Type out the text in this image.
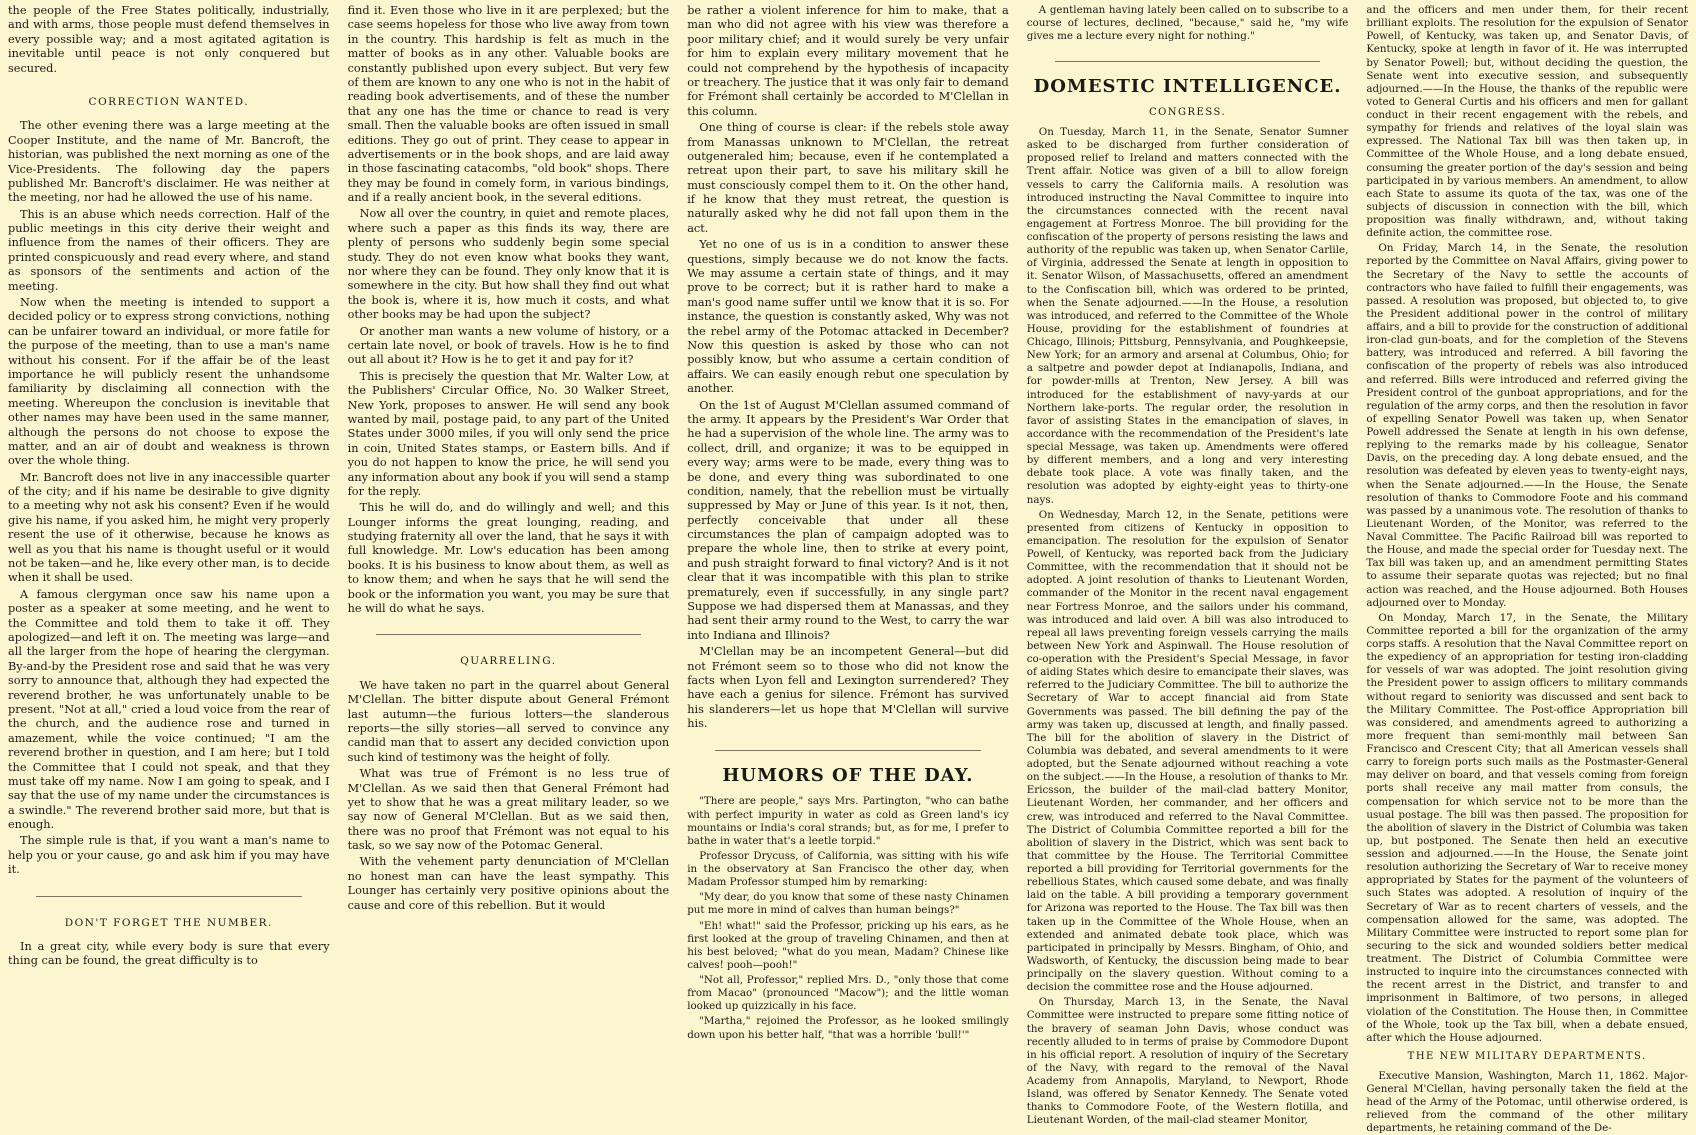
the people of the Free States politically, industrially, and with arms, those people must defend themselves in every possible way; and a most agitated agitation is inevitable until peace is not only conquered but secured.

CORRECTION WANTED.

The other evening there was a large meeting at the Cooper Institute, and the name of Mr. Bancroft, the historian, was published the next morning as one of the Vice-Presidents. The following day the papers published Mr. Bancroft's disclaimer. He was neither at the meeting, nor had he allowed the use of his name.

This is an abuse which needs correction. Half of the public meetings in this city derive their weight and influence from the names of their officers. They are printed conspicuously and read every where, and stand as sponsors of the sentiments and action of the meeting.

Now when the meeting is intended to support a decided policy or to express strong convictions, nothing can be unfairer toward an individual, or more fatile for the purpose of the meeting, than to use a man's name without his consent. For if the affair be of the least importance he will publicly resent the unhandsome familiarity by disclaiming all connection with the meeting. Whereupon the conclusion is inevitable that other names may have been used in the same manner, although the persons do not choose to expose the matter, and an air of doubt and weakness is thrown over the whole thing.

Mr. Bancroft does not live in any inaccessible quarter of the city; and if his name be desirable to give dignity to a meeting why not ask his consent? Even if he would give his name, if you asked him, he might very properly resent the use of it otherwise, because he knows as well as you that his name is thought useful or it would not be taken—and he, like every other man, is to decide when it shall be used.

A famous clergyman once saw his name upon a poster as a speaker at some meeting, and he went to the Committee and told them to take it off. They apologized—and left it on. The meeting was large—and all the larger from the hope of hearing the clergyman. By-and-by the President rose and said that he was very sorry to announce that, although they had expected the reverend brother, he was unfortunately unable to be present. "Not at all," cried a loud voice from the rear of the church, and the audience rose and turned in amazement, while the voice continued; "I am the reverend brother in question, and I am here; but I told the Committee that I could not speak, and that they must take off my name. Now I am going to speak, and I say that the use of my name under the circumstances is a swindle." The reverend brother said more, but that is enough.

The simple rule is that, if you want a man's name to help you or your cause, go and ask him if you may have it.

DON'T FORGET THE NUMBER.

In a great city, while every body is sure that every thing can be found, the great difficulty is to

find it. Even those who live in it are perplexed; but the case seems hopeless for those who live away from town in the country. This hardship is felt as much in the matter of books as in any other. Valuable books are constantly published upon every subject. But very few of them are known to any one who is not in the habit of reading book advertisements, and of these the number that any one has the time or chance to read is very small. Then the valuable books are often issued in small editions. They go out of print. They cease to appear in advertisements or in the book shops, and are laid away in those fascinating catacombs, "old book" shops. There they may be found in comely form, in various bindings, and if a really ancient book, in the several editions.

Now all over the country, in quiet and remote places, where such a paper as this finds its way, there are plenty of persons who suddenly begin some special study. They do not even know what books they want, nor where they can be found. They only know that it is somewhere in the city. But how shall they find out what the book is, where it is, how much it costs, and what other books may be had upon the subject?

Or another man wants a new volume of history, or a certain late novel, or book of travels. How is he to find out all about it? How is he to get it and pay for it?

This is precisely the question that Mr. Walter Low, at the Publishers' Circular Office, No. 30 Walker Street, New York, proposes to answer. He will send any book wanted by mail, postage paid, to any part of the United States under 3000 miles, if you will only send the price in coin, United States stamps, or Eastern bills. And if you do not happen to know the price, he will send you any information about any book if you will send a stamp for the reply.

This he will do, and do willingly and well; and this Lounger informs the great lounging, reading, and studying fraternity all over the land, that he says it with full knowledge. Mr. Low's education has been among books. It is his business to know about them, as well as to know them; and when he says that he will send the book or the information you want, you may be sure that he will do what he says.

QUARRELING.

We have taken no part in the quarrel about General M'Clellan. The bitter dispute about General Frémont last autumn—the furious lotters—the slanderous reports—the silly stories—all served to convince any candid man that to assert any decided conviction upon such kind of testimony was the height of folly.

What was true of Frémont is no less true of M'Clellan. As we said then that General Frémont had yet to show that he was a great military leader, so we say now of General M'Clellan. But as we said then, there was no proof that Frémont was not equal to his task, so we say now of the Potomac General.

With the vehement party denunciation of M'Clellan no honest man can have the least sympathy. This Lounger has certainly very positive opinions about the cause and core of this rebellion. But it would

be rather a violent inference for him to make, that a man who did not agree with his view was therefore a poor military chief; and it would surely be very unfair for him to explain every military movement that he could not comprehend by the hypothesis of incapacity or treachery. The justice that it was only fair to demand for Frémont shall certainly be accorded to M'Clellan in this column.

One thing of course is clear: if the rebels stole away from Manassas unknown to M'Clellan, the retreat outgeneraled him; because, even if he contemplated a retreat upon their part, to save his military skill he must consciously compel them to it. On the other hand, if he know that they must retreat, the question is naturally asked why he did not fall upon them in the act.

Yet no one of us is in a condition to answer these questions, simply because we do not know the facts. We may assume a certain state of things, and it may prove to be correct; but it is rather hard to make a man's good name suffer until we know that it is so. For instance, the question is constantly asked, Why was not the rebel army of the Potomac attacked in December? Now this question is asked by those who can not possibly know, but who assume a certain condition of affairs. We can easily enough rebut one speculation by another.

On the 1st of August M'Clellan assumed command of the army. It appears by the President's War Order that he had a supervision of the whole line. The army was to collect, drill, and organize; it was to be equipped in every way; arms were to be made, every thing was to be done, and every thing was subordinated to one condition, namely, that the rebellion must be virtually suppressed by May or June of this year. Is it not, then, perfectly conceivable that under all these circumstances the plan of campaign adopted was to prepare the whole line, then to strike at every point, and push straight forward to final victory? And is it not clear that it was incompatible with this plan to strike prematurely, even if successfully, in any single part? Suppose we had dispersed them at Manassas, and they had sent their army round to the West, to carry the war into Indiana and Illinois?

M'Clellan may be an incompetent General—but did not Frémont seem so to those who did not know the facts when Lyon fell and Lexington surrendered? They have each a genius for silence. Frémont has survived his slanderers—let us hope that M'Clellan will survive his.

HUMORS OF THE DAY.

"There are people," says Mrs. Partington, "who can bathe with perfect impurity in water as cold as Green land's icy mountains or India's coral strands; but, as for me, I prefer to bathe in water that's a leetle torpid."

Professor Drycuss, of California, was sitting with his wife in the observatory at San Francisco the other day, when Madam Professor stumped him by remarking:

"My dear, do you know that some of these nasty Chinamen put me more in mind of calves than human beings?"

"Eh! what!" said the Professor, pricking up his ears, as he first looked at the group of traveling Chinamen, and then at his best beloved; "what do you mean, Madam? Chinese like calves! pooh—pooh!"

"Not all, Professor," replied Mrs. D., "only those that come from Macao" (pronounced "Macow"); and the little woman looked up quizzically in his face.

"Martha," rejoined the Professor, as he looked smilingly down upon his better half, "that was a horrible 'bull!'"

A gentleman having lately been called on to subscribe to a course of lectures, declined, "because," said he, "my wife gives me a lecture every night for nothing."

DOMESTIC INTELLIGENCE.
CONGRESS.

On Tuesday, March 11, in the Senate, Senator Sumner asked to be discharged from further consideration of proposed relief to Ireland and matters connected with the Trent affair. Notice was given of a bill to allow foreign vessels to carry the California mails. A resolution was introduced instructing the Naval Committee to inquire into the circumstances connected with the recent naval engagement at Fortress Monroe. The bill providing for the confiscation of the property of persons resisting the laws and authority of the republic was taken up, when Senator Carlile, of Virginia, addressed the Senate at length in opposition to it. Senator Wilson, of Massachusetts, offered an amendment to the Confiscation bill, which was ordered to be printed, when the Senate adjourned.——In the House, a resolution was introduced, and referred to the Committee of the Whole House, providing for the establishment of foundries at Chicago, Illinois; Pittsburg, Pennsylvania, and Poughkeepsie, New York; for an armory and arsenal at Columbus, Ohio; for a saltpetre and powder depot at Indianapolis, Indiana, and for powder-mills at Trenton, New Jersey. A bill was introduced for the establishment of navy-yards at our Northern lake-ports. The regular order, the resolution in favor of assisting States in the emancipation of slaves, in accordance with the recommendation of the President's late special Message, was taken up. Amendments were offered by different members, and a long and very interesting debate took place. A vote was finally taken, and the resolution was adopted by eighty-eight yeas to thirty-one nays.

On Wednesday, March 12, in the Senate, petitions were presented from citizens of Kentucky in opposition to emancipation. The resolution for the expulsion of Senator Powell, of Kentucky, was reported back from the Judiciary Committee, with the recommendation that it should not be adopted. A joint resolution of thanks to Lieutenant Worden, commander of the Monitor in the recent naval engagement near Fortress Monroe, and the sailors under his command, was introduced and laid over. A bill was also introduced to repeal all laws preventing foreign vessels carrying the mails between New York and Aspinwall. The House resolution of co-operation with the President's Special Message, in favor of aiding States which desire to emancipate their slaves, was referred to the Judiciary Committee. The bill to authorize the Secretary of War to accept financial aid from State Governments was passed. The bill defining the pay of the army was taken up, discussed at length, and finally passed. The bill for the abolition of slavery in the District of Columbia was debated, and several amendments to it were adopted, but the Senate adjourned without reaching a vote on the subject.——In the House, a resolution of thanks to Mr. Ericsson, the builder of the mail-clad battery Monitor, Lieutenant Worden, her commander, and her officers and crew, was introduced and referred to the Naval Committee. The District of Columbia Committee reported a bill for the abolition of slavery in the District, which was sent back to that committee by the House. The Territorial Committee reported a bill providing for Territorial governments for the rebellious States, which caused some debate, and was finally laid on the table. A bill providing a temporary government for Arizona was reported to the House. The Tax bill was then taken up in the Committee of the Whole House, when an extended and animated debate took place, which was participated in principally by Messrs. Bingham, of Ohio, and Wadsworth, of Kentucky, the discussion being made to bear principally on the slavery question. Without coming to a decision the committee rose and the House adjourned.

On Thursday, March 13, in the Senate, the Naval Committee were instructed to prepare some fitting notice of the bravery of seaman John Davis, whose conduct was recently alluded to in terms of praise by Commodore Dupont in his official report. A resolution of inquiry of the Secretary of the Navy, with regard to the removal of the Naval Academy from Annapolis, Maryland, to Newport, Rhode Island, was offered by Senator Kennedy. The Senate voted thanks to Commodore Foote, of the Western flotilla, and Lieutenant Worden, of the mail-clad steamer Monitor,

and the officers and men under them, for their recent brilliant exploits. The resolution for the expulsion of Senator Powell, of Kentucky, was taken up, and Senator Davis, of Kentucky, spoke at length in favor of it. He was interrupted by Senator Powell; but, without deciding the question, the Senate went into executive session, and subsequently adjourned.——In the House, the thanks of the republic were voted to General Curtis and his officers and men for gallant conduct in their recent engagement with the rebels, and sympathy for friends and relatives of the loyal slain was expressed. The National Tax bill was then taken up, in Committee of the Whole House, and a long debate ensued, consuming the greater portion of the day's session and being participated in by various members. An amendment, to allow each State to assume its quota of the tax, was one of the subjects of discussion in connection with the bill, which proposition was finally withdrawn, and, without taking definite action, the committee rose.

On Friday, March 14, in the Senate, the resolution reported by the Committee on Naval Affairs, giving power to the Secretary of the Navy to settle the accounts of contractors who have failed to fulfill their engagements, was passed. A resolution was proposed, but objected to, to give the President additional power in the control of military affairs, and a bill to provide for the construction of additional iron-clad gun-boats, and for the completion of the Stevens battery, was introduced and referred. A bill favoring the confiscation of the property of rebels was also introduced and referred. Bills were introduced and referred giving the President control of the gunboat appropriations, and for the regulation of the army corps, and then the resolution in favor of expelling Senator Powell was taken up, when Senator Powell addressed the Senate at length in his own defense, replying to the remarks made by his colleague, Senator Davis, on the preceding day. A long debate ensued, and the resolution was defeated by eleven yeas to twenty-eight nays, when the Senate adjourned.——In the House, the Senate resolution of thanks to Commodore Foote and his command was passed by a unanimous vote. The resolution of thanks to Lieutenant Worden, of the Monitor, was referred to the Naval Committee. The Pacific Railroad bill was reported to the House, and made the special order for Tuesday next. The Tax bill was taken up, and an amendment permitting States to assume their separate quotas was rejected; but no final action was reached, and the House adjourned. Both Houses adjourned over to Monday.

On Monday, March 17, in the Senate, the Military Committee reported a bill for the organization of the army corps staffs. A resolution that the Naval Committee report on the expediency of an appropriation for testing iron-cladding for vessels of war was adopted. The joint resolution giving the President power to assign officers to military commands without regard to seniority was discussed and sent back to the Military Committee. The Post-office Appropriation bill was considered, and amendments agreed to authorizing a more frequent than semi-monthly mail between San Francisco and Crescent City; that all American vessels shall carry to foreign ports such mails as the Postmaster-General may deliver on board, and that vessels coming from foreign ports shall receive any mail matter from consuls, the compensation for which service not to be more than the usual postage. The bill was then passed. The proposition for the abolition of slavery in the District of Columbia was taken up, but postponed. The Senate then held an executive session and adjourned.——In the House, the Senate joint resolution authorizing the Secretary of War to receive money appropriated by States for the payment of the volunteers of such States was adopted. A resolution of inquiry of the Secretary of War as to recent charters of vessels, and the compensation allowed for the same, was adopted. The Military Committee were instructed to report some plan for securing to the sick and wounded soldiers better medical treatment. The District of Columbia Committee were instructed to inquire into the circumstances connected with the recent arrest in the District, and transfer to and imprisonment in Baltimore, of two persons, in alleged violation of the Constitution. The House then, in Committee of the Whole, took up the Tax bill, when a debate ensued, after which the House adjourned.

THE NEW MILITARY DEPARTMENTS.

Executive Mansion, Washington, March 11, 1862. Major-General M'Clellan, having personally taken the field at the head of the Army of the Potomac, until otherwise ordered, is relieved from the command of the other military departments, he retaining command of the De-
